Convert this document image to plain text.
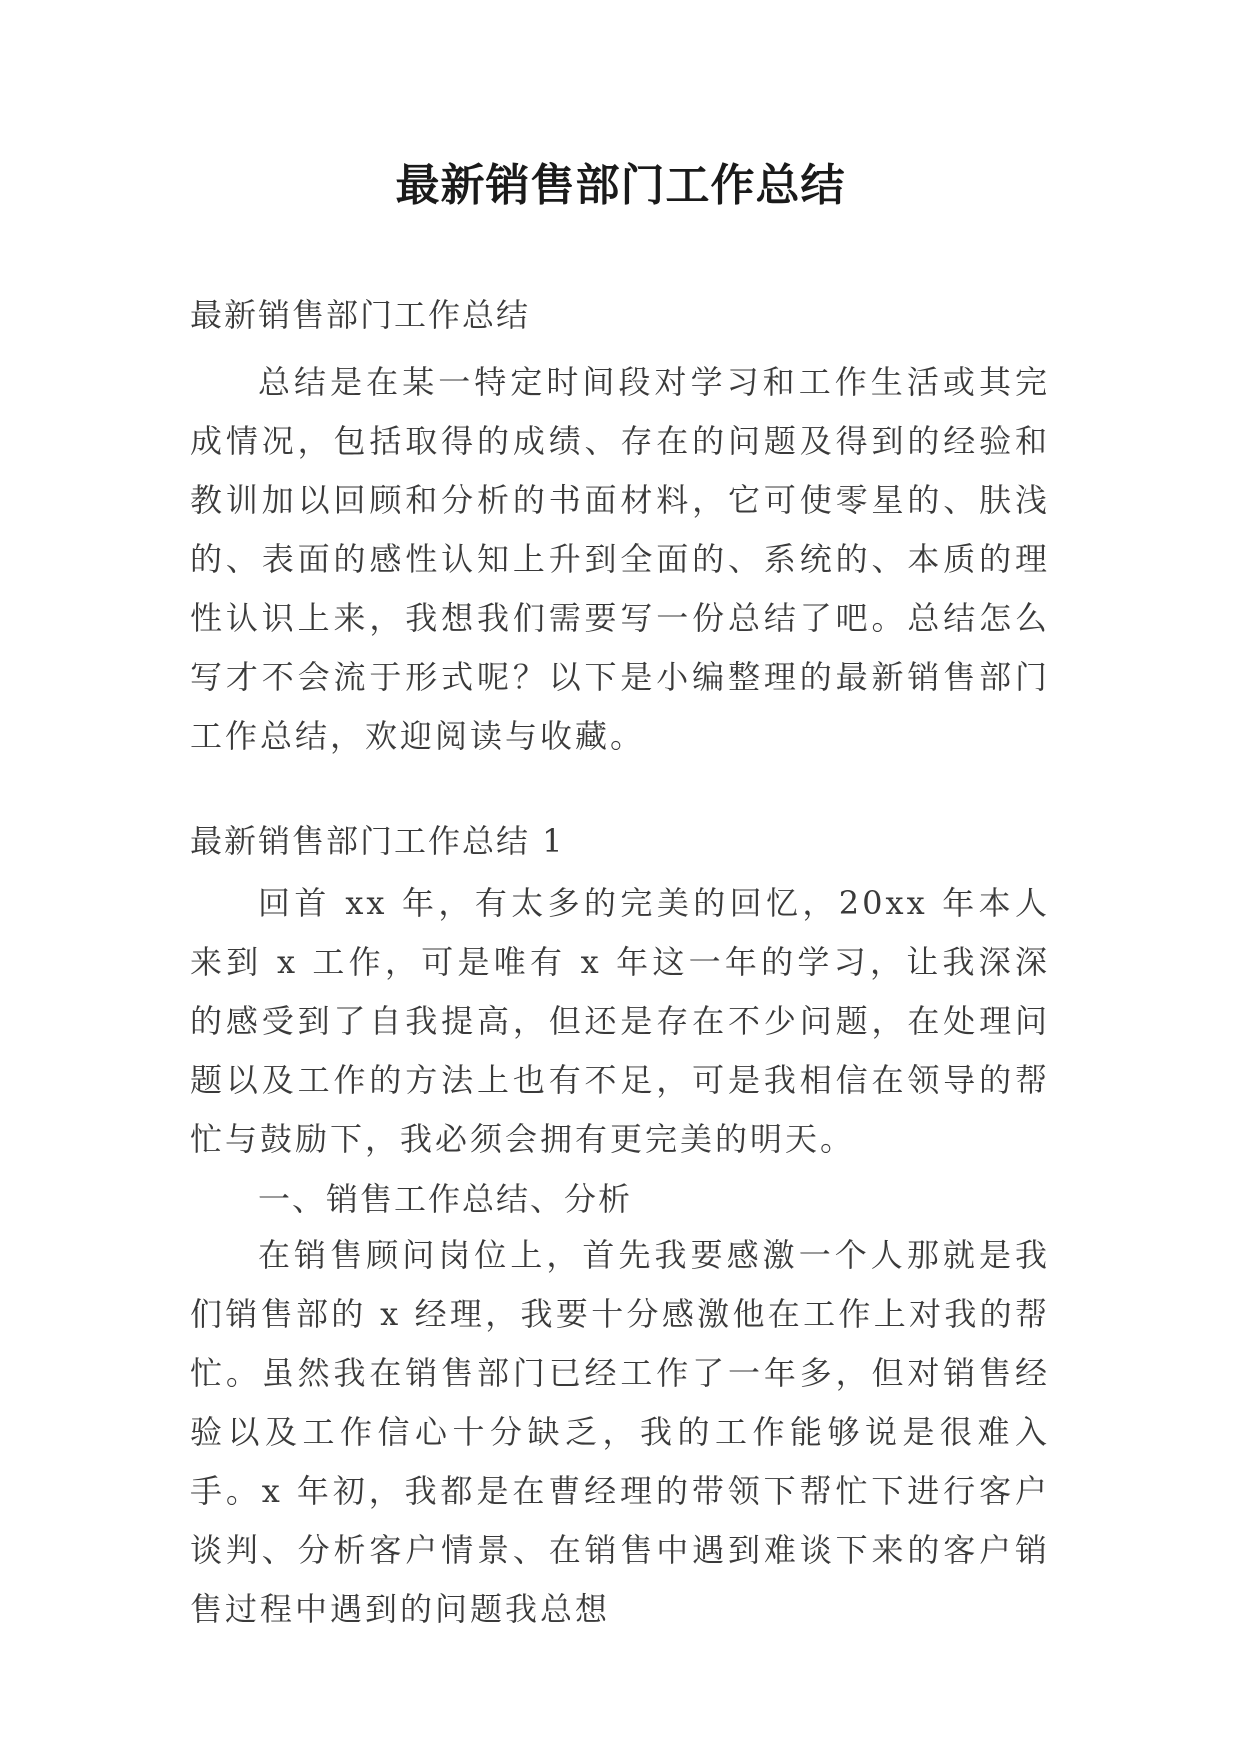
最新销售部门工作总结
最新销售部门工作总结
总结是在某一特定时间段对学习和工作生活或其完成情况，包括取得的成绩、存在的问题及得到的经验和教训加以回顾和分析的书面材料，它可使零星的、肤浅的、表面的感性认知上升到全面的、系统的、本质的理性认识上来，我想我们需要写一份总结了吧。总结怎么写才不会流于形式呢？以下是小编整理的最新销售部门工作总结，欢迎阅读与收藏。
最新销售部门工作总结 1
回首 xx 年，有太多的完美的回忆，20xx 年本人来到 x 工作，可是唯有 x 年这一年的学习，让我深深的感受到了自我提高，但还是存在不少问题，在处理问题以及工作的方法上也有不足，可是我相信在领导的帮忙与鼓励下，我必须会拥有更完美的明天。
一、销售工作总结、分析
在销售顾问岗位上，首先我要感激一个人那就是我们销售部的 x 经理，我要十分感激他在工作上对我的帮忙。虽然我在销售部门已经工作了一年多，但对销售经验以及工作信心十分缺乏，我的工作能够说是很难入手。x 年初，我都是在曹经理的带领下帮忙下进行客户谈判、分析客户情景、在销售中遇到难谈下来的客户销售过程中遇到的问题我总想
